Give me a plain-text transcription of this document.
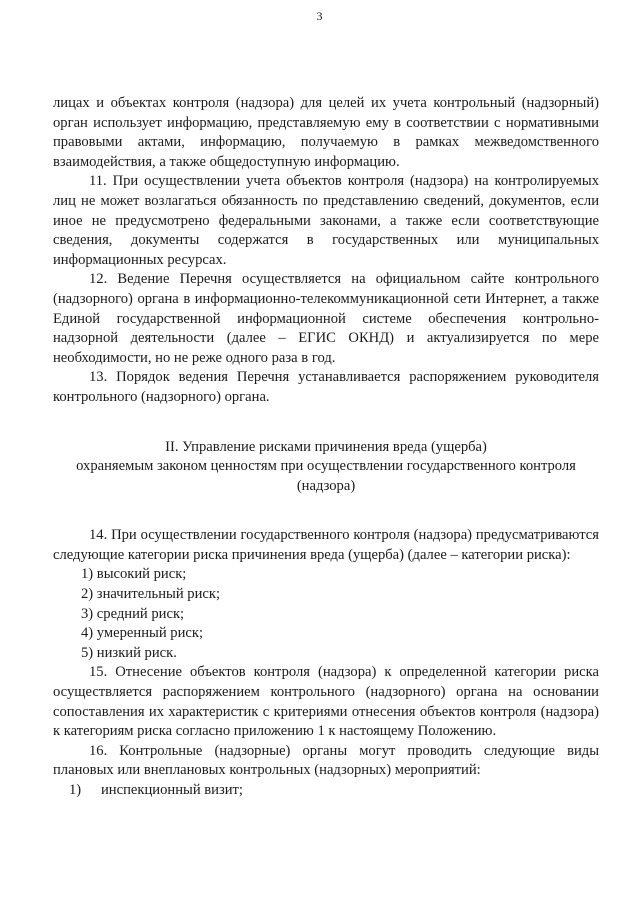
3

лицах и объектах контроля (надзора) для целей их учета контрольный (надзорный) орган использует информацию, представляемую ему в соответствии с нормативными правовыми актами, информацию, получаемую в рамках межведомственного взаимодействия, а также общедоступную информацию.

11. При осуществлении учета объектов контроля (надзора) на контролируемых лиц не может возлагаться обязанность по представлению сведений, документов, если иное не предусмотрено федеральными законами, а также если соответствующие сведения, документы содержатся в государственных или муниципальных информационных ресурсах.

12. Ведение Перечня осуществляется на официальном сайте контрольного (надзорного) органа в информационно-телекоммуникационной сети Интернет, а также Единой государственной информационной системе обеспечения контрольно-надзорной деятельности (далее – ЕГИС ОКНД) и актуализируется по мере необходимости, но не реже одного раза в год.

13. Порядок ведения Перечня устанавливается распоряжением руководителя контрольного (надзорного) органа.

II. Управление рисками причинения вреда (ущерба)

охраняемым законом ценностям при осуществлении государственного контроля

(надзора)

14. При осуществлении государственного контроля (надзора) предусматриваются следующие категории риска причинения вреда (ущерба) (далее – категории риска):

1) высокий риск;

2) значительный риск;

3) средний риск;

4) умеренный риск;

5) низкий риск.

15. Отнесение объектов контроля (надзора) к определенной категории риска осуществляется распоряжением контрольного (надзорного) органа на основании сопоставления их характеристик с критериями отнесения объектов контроля (надзора) к категориям риска согласно приложению 1 к настоящему Положению.

16. Контрольные (надзорные) органы могут проводить следующие виды плановых или внеплановых контрольных (надзорных) мероприятий:

1) инспекционный визит;
